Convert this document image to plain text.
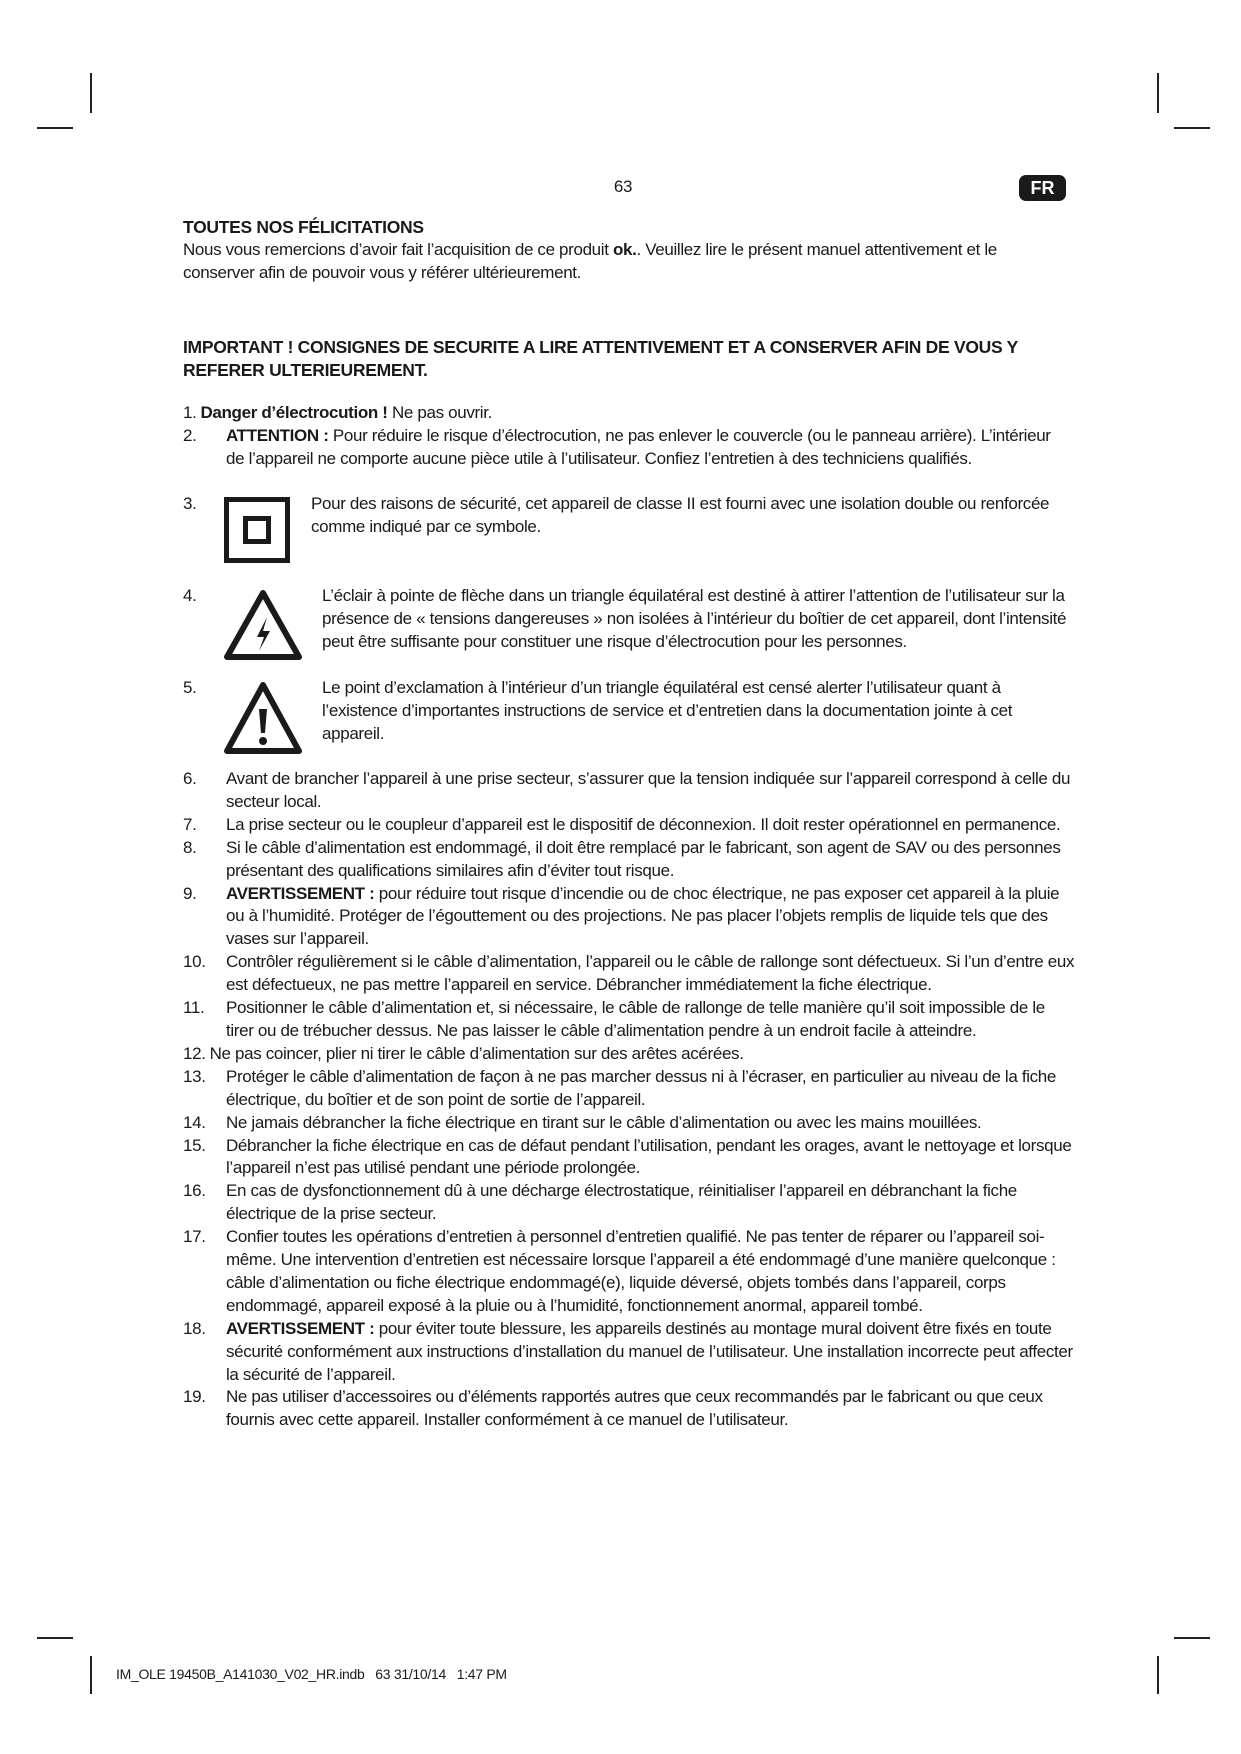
63	FR
TOUTES NOS FÉLICITATIONS
Nous vous remercions d’avoir fait l’acquisition de ce produit ok.. Veuillez lire le présent manuel attentivement et le conserver afin de pouvoir vous y référer ultérieurement.
IMPORTANT ! CONSIGNES DE SECURITE A LIRE ATTENTIVEMENT ET A CONSERVER AFIN DE VOUS Y REFERER ULTERIEUREMENT.
1. Danger d’électrocution ! Ne pas ouvrir.
2. ATTENTION : Pour réduire le risque d’électrocution, ne pas enlever le couvercle (ou le panneau arrière). L’intérieur de l’appareil ne comporte aucune pièce utile à l’utilisateur. Confiez l’entretien à des techniciens qualifiés.
3.	Pour des raisons de sécurité, cet appareil de classe II est fourni avec une isolation double ou renforcée comme indiqué par ce symbole.
4.	L’éclair à pointe de flèche dans un triangle équilatéral est destiné à attirer l’attention de l’utilisateur sur la présence de « tensions dangereuses » non isolées à l’intérieur du boîtier de cet appareil, dont l’intensité peut être suffisante pour constituer une risque d’électrocution pour les personnes.
5.	Le point d’exclamation à l’intérieur d’un triangle équilatéral est censé alerter l’utilisateur quant à l’existence d’importantes instructions de service et d’entretien dans la documentation jointe à cet appareil.
6. Avant de brancher l’appareil à une prise secteur, s’assurer que la tension indiquée sur l’appareil correspond à celle du secteur local.
7. La prise secteur ou le coupleur d’appareil est le dispositif de déconnexion. Il doit rester opérationnel en permanence.
8. Si le câble d’alimentation est endommagé, il doit être remplacé par le fabricant, son agent de SAV ou des personnes présentant des qualifications similaires afin d’éviter tout risque.
9. AVERTISSEMENT : pour réduire tout risque d’incendie ou de choc électrique, ne pas exposer cet appareil à la pluie ou à l’humidité. Protéger de l’égouttement ou des projections. Ne pas placer l’objets remplis de liquide tels que des vases sur l’appareil.
10. Contrôler régulièrement si le câble d’alimentation, l’appareil ou le câble de rallonge sont défectueux. Si l’un d’entre eux est défectueux, ne pas mettre l’appareil en service. Débrancher immédiatement la fiche électrique.
11. Positionner le câble d’alimentation et, si nécessaire, le câble de rallonge de telle manière qu’il soit impossible de le tirer ou de trébucher dessus. Ne pas laisser le câble d’alimentation pendre à un endroit facile à atteindre.
12. Ne pas coincer, plier ni tirer le câble d’alimentation sur des arêtes acérées.
13. Protéger le câble d’alimentation de façon à ne pas marcher dessus ni à l’écraser, en particulier au niveau de la fiche électrique, du boîtier et de son point de sortie de l’appareil.
14. Ne jamais débrancher la fiche électrique en tirant sur le câble d’alimentation ou avec les mains mouillées.
15. Débrancher la fiche électrique en cas de défaut pendant l’utilisation, pendant les orages, avant le nettoyage et lorsque l’appareil n’est pas utilisé pendant une période prolongée.
16. En cas de dysfonctionnement dû à une décharge électrostatique, réinitialiser l’appareil en débranchant la fiche électrique de la prise secteur.
17. Confier toutes les opérations d’entretien à personnel d’entretien qualifié. Ne pas tenter de réparer ou l’appareil soi-même. Une intervention d’entretien est nécessaire lorsque l’appareil a été endommagé d’une manière quelconque : câble d’alimentation ou fiche électrique endommagé(e), liquide déversé, objets tombés dans l’appareil, corps endommagé, appareil exposé à la pluie ou à l’humidité, fonctionnement anormal, appareil tombé.
18. AVERTISSEMENT : pour éviter toute blessure, les appareils destinés au montage mural doivent être fixés en toute sécurité conformément aux instructions d’installation du manuel de l’utilisateur. Une installation incorrecte peut affecter la sécurité de l’appareil.
19. Ne pas utiliser d’accessoires ou d’éléments rapportés autres que ceux recommandés par le fabricant ou que ceux fournis avec cette appareil. Installer conformément à ce manuel de l’utilisateur.
IM_OLE 19450B_A141030_V02_HR.indb   63 31/10/14   1:47 PM
